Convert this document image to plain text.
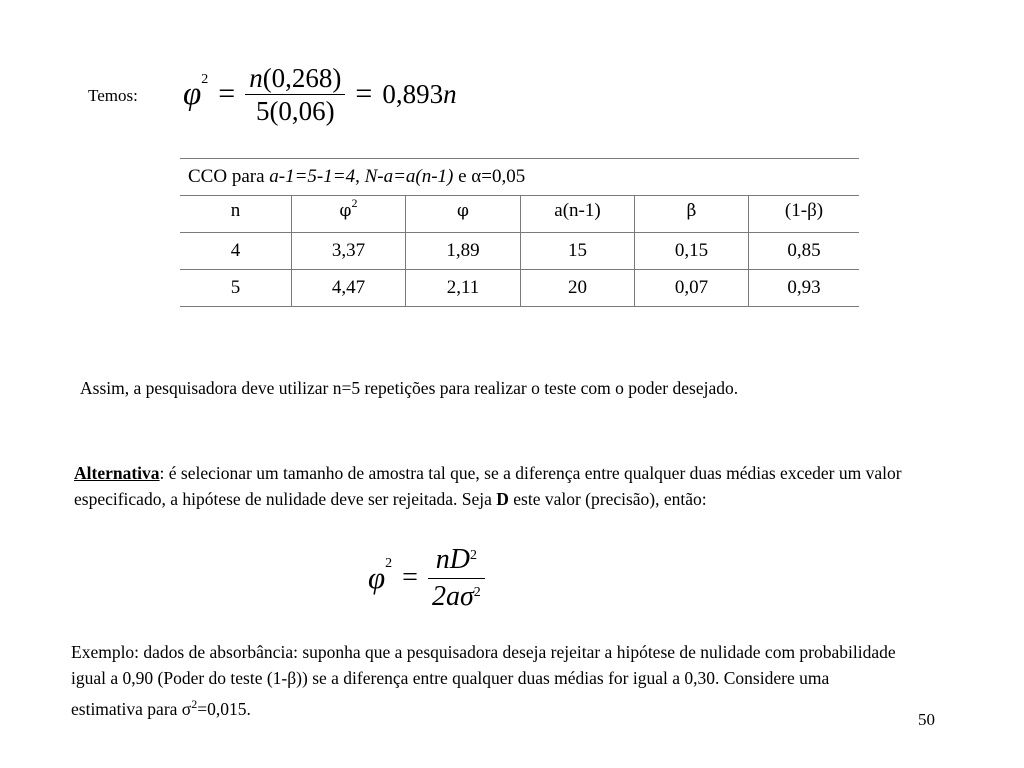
Temos: $\varphi 2 = \frac{n(0,268)}{5(0,06)} = 0,893n$
CCO para a-1=5-1=4, N-a=a(n-1) e α=0,05					
n	$\varphi^2$	φ	a(n-1)	β	(1-β)
4	3,37	1,89	15	0,15	0,85
5	4,47	2,11	20	0,07	0,93
Assim, a pesquisadora deve utilizar n=5 repetições para realizar o teste com o poder desejado.
Alternativa: é selecionar um tamanho de amostra tal que, se a diferença entre qualquer duas médias exceder um valor especificado, a hipótese de nulidade deve ser rejeitada. Seja D este valor (precisão), então:
$\varphi 2 = \frac{nD^2}{2a\sigma^2}$
Exemplo: dados de absorbância: suponha que a pesquisadora deseja rejeitar a hipótese de nulidade com probabilidade igual a 0,90 (Poder do teste (1-β)) se a diferença entre qualquer duas médias for igual a 0,30. Considere uma estimativa para $\sigma^2=0,015$.
50
